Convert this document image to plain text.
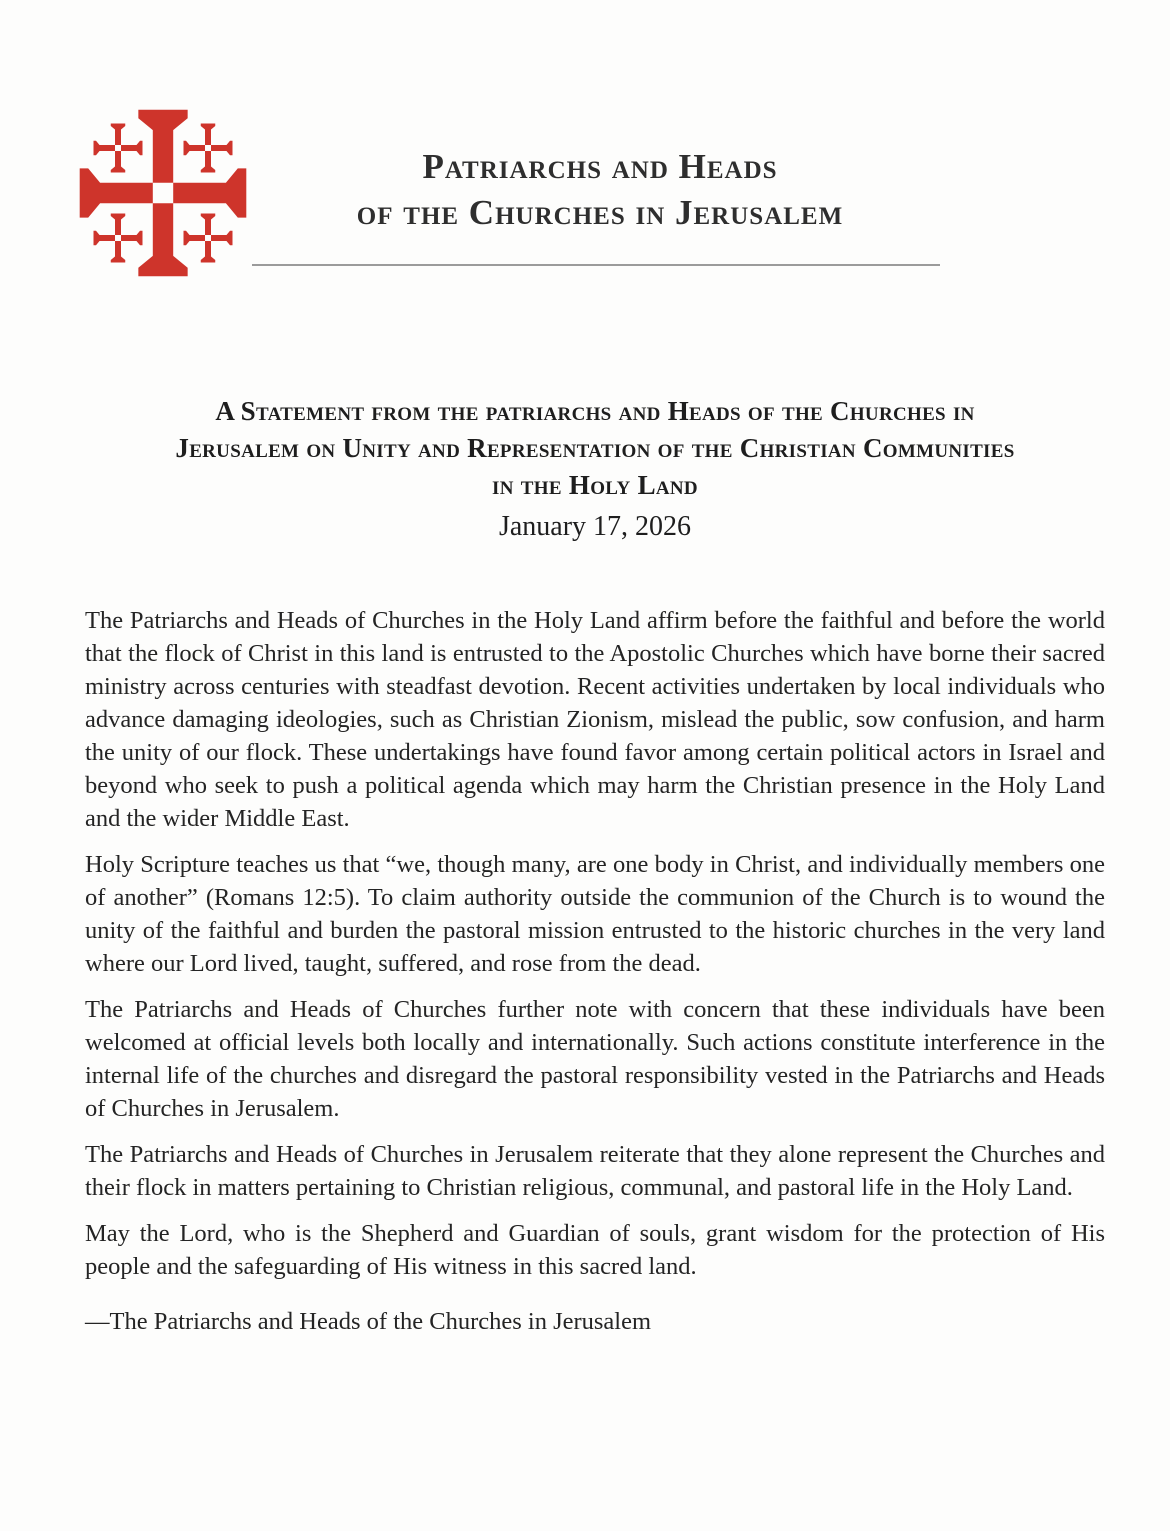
Patriarchs and Heads
of the Churches in Jerusalem
A Statement from the patriarchs and Heads of the Churches in
Jerusalem on Unity and Representation of the Christian Communities
in the Holy Land
January 17, 2026

The Patriarchs and Heads of Churches in the Holy Land affirm before the faithful and before the world that the flock of Christ in this land is entrusted to the Apostolic Churches which have borne their sacred ministry across centuries with steadfast devotion. Recent activities undertaken by local individuals who advance damaging ideologies, such as Christian Zionism, mislead the public, sow confusion, and harm the unity of our flock. These undertakings have found favor among certain political actors in Israel and beyond who seek to push a political agenda which may harm the Christian presence in the Holy Land and the wider Middle East.

Holy Scripture teaches us that “we, though many, are one body in Christ, and individually members one of another” (Romans 12:5). To claim authority outside the communion of the Church is to wound the unity of the faithful and burden the pastoral mission entrusted to the historic churches in the very land where our Lord lived, taught, suffered, and rose from the dead.

The Patriarchs and Heads of Churches further note with concern that these individuals have been welcomed at official levels both locally and internationally. Such actions constitute interference in the internal life of the churches and disregard the pastoral responsibility vested in the Patriarchs and Heads of Churches in Jerusalem.

The Patriarchs and Heads of Churches in Jerusalem reiterate that they alone represent the Churches and their flock in matters pertaining to Christian religious, communal, and pastoral life in the Holy Land.

May the Lord, who is the Shepherd and Guardian of souls, grant wisdom for the protection of His people and the safeguarding of His witness in this sacred land.

—The Patriarchs and Heads of the Churches in Jerusalem
